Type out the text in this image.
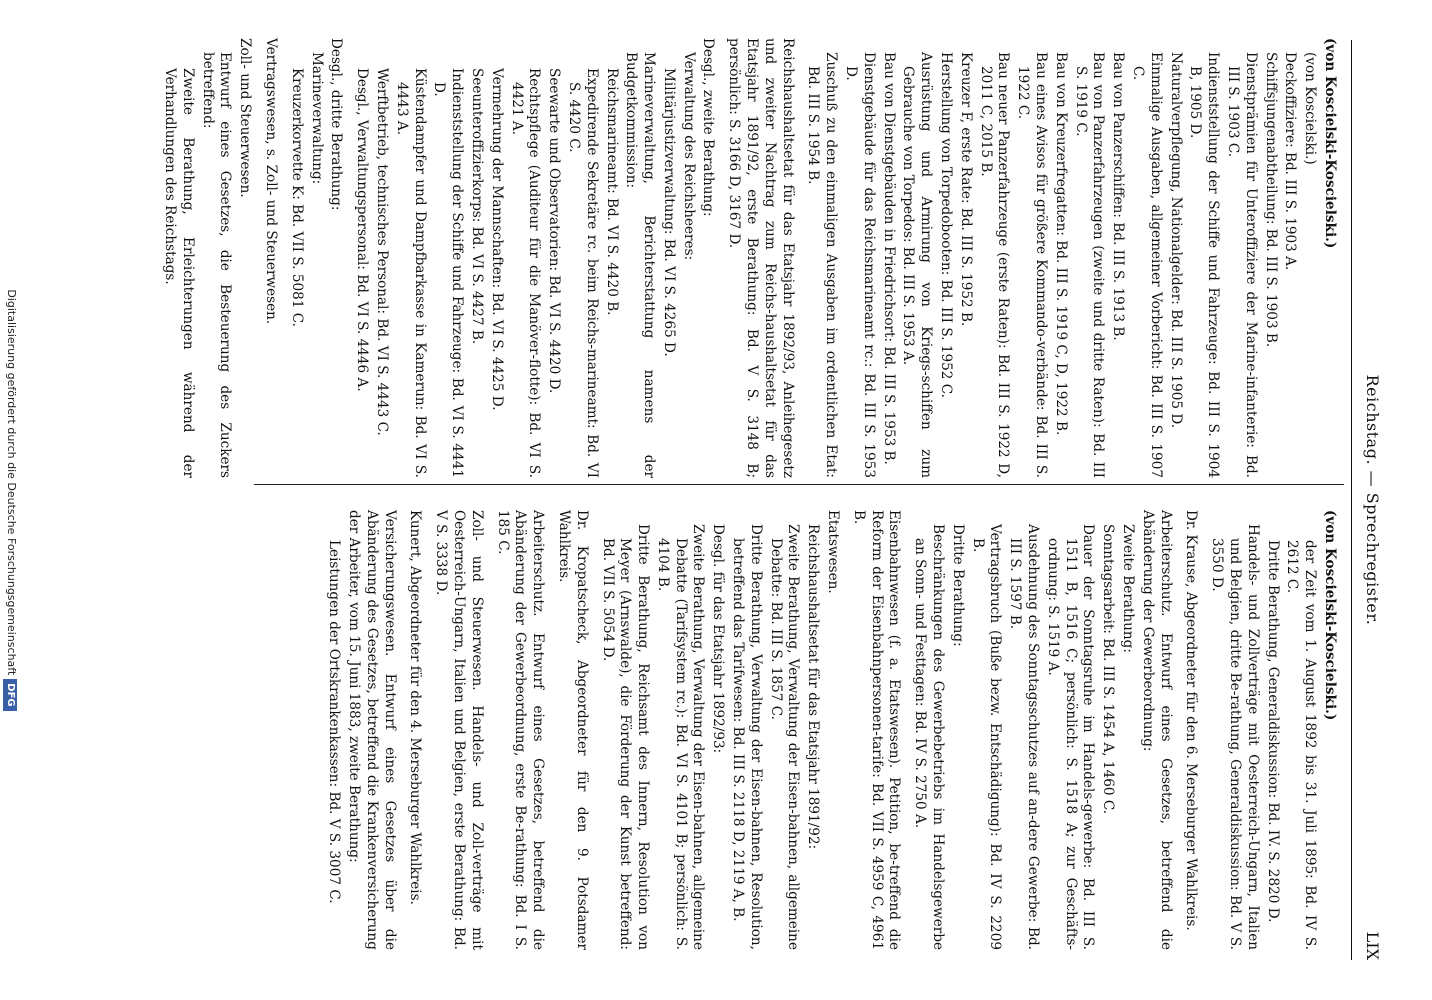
Reichstag. — Sprechregister.
LIX
(von Koscielski-Koscielski.)
(von Koscielski.)
Deckoffiziere: Bd. III S. 1903 A.
Schiffsjungenabtheilung: Bd. III S. 1903 B.
Dienstprämien für Unteroffiziere der Marine-infanterie: Bd. III S. 1903 C.
Indienststellung der Schiffe und Fahrzeuge: Bd. III S. 1904 B, 1905 D.
Naturalverpflegung, Nationalgelder: Bd. III S. 1905 D.
Einmalige Ausgaben, allgemeiner Vorbericht: Bd. III S. 1907 C.
Bau von Panzerschiffen: Bd. III S. 1913 B.
Bau von Panzerfahrzeugen (zweite und dritte Raten): Bd. III S. 1919 C.
Bau von Kreuzerfregatten: Bd. III S. 1919 C, D, 1922 B.
Bau eines Avisos für größere Kommando-verbände: Bd. III S. 1922 C.
Bau neuer Panzerfahrzeuge (erste Raten): Bd. III S. 1922 D, 2011 C, 2015 B.
Kreuzer F, erste Rate: Bd. III S. 1952 B.
Herstellung von Torpedobooten: Bd. III S. 1952 C.
Ausrüstung und Armirung von Kriegs-schiffen zum Gebrauche von Torpedos: Bd. III S. 1953 A.
Bau von Dienstgebäuden in Friedrichsort: Bd. III S. 1953 B.
Dienstgebäude für das Reichsmarineamt rc.: Bd. III S. 1953 D.
Zuschuß zu den einmaligen Ausgaben im ordentlichen Etat: Bd. III S. 1954 B.
Reichshaushaltsetat für das Etatsjahr 1892/93, Anleihegesetz und zweiter Nachtrag zum Reichs-haushaltsetat für das Etatsjahr 1891/92, erste Berathung: Bd. V S. 3148 B; persönlich: S. 3166 D, 3167 D.
Desgl., zweite Berathung:
Verwaltung des Reichsheeres:
Militärjustizverwaltung: Bd. VI S. 4265 D.
Marineverwaltung, Berichterstattung namens der Budgetkommission:
Reichsmarineamt: Bd. VI S. 4420 B.
Expedirende Sekretäre rc. beim Reichs-marineamt: Bd. VI S. 4420 C.
Seewarte und Observatorien: Bd. VI S. 4420 D.
Rechtspflege (Auditeur für die Manöver-flotte): Bd. VI S. 4421 A.
Vermehrung der Mannschaften: Bd. VI S. 4425 D.
Seeunteroffizierkorps: Bd. VI S. 4427 B.
Indienststellung der Schiffe und Fahrzeuge: Bd. VI S. 4441 D.
Küstendampfer und Dampfbarkasse in Kamerun: Bd. VI S. 4443 A.
Werftbetrieb, technisches Personal: Bd. VI S. 4443 C.
Desgl., Verwaltungspersonal: Bd. VI S. 4446 A.
Desgl., dritte Berathung:
Marineverwaltung:
Kreuzerkorvette K: Bd. VII S. 5081 C.
Vertragswesen, s. Zoll- und Steuerwesen.
Zoll- und Steuerwesen.
Entwurf eines Gesetzes, die Besteuerung des Zuckers betreffend:
Zweite Berathung, Erleichterungen während der Verhandlungen des Reichstags.
(von Koscielski-Koscielski.)
der Zeit vom 1. August 1892 bis 31. Juli 1895: Bd. IV S. 2612 C.
Dritte Berathung, Generaldiskussion: Bd. IV. S. 2820 D.
Handels- und Zollverträge mit Oesterreich-Ungarn, Italien und Belgien, dritte Be-rathung, Generaldiskussion: Bd. V S. 3550 D.
Dr. Krause, Abgeordneter für den 6. Merseburger Wahlkreis.
Arbeiterschutz. Entwurf eines Gesetzes, betreffend die Abänderung der Gewerbeordnung:
Zweite Berathung:
Sonntagsarbeit: Bd. III S. 1454 A, 1460 C.
Dauer der Sonntagsruhe im Handels-gewerbe: Bd. III S. 1511 B, 1516 C; persönlich: S. 1518 A; zur Geschäfts-ordnung: S. 1519 A.
Ausdehnung des Sonntagsschutzes auf an-dere Gewerbe: Bd. III S. 1597 B.
Vertragsbruch (Buße bezw. Entschädigung): Bd. IV S. 2209 B.
Dritte Berathung:
Beschränkungen des Gewerbebetriebs im Handelsgewerbe an Sonn- und Festtagen: Bd. IV S. 2750 A.
Eisenbahnwesen (f. a. Etatswesen). Petition, be-treffend die Reform der Eisenbahnpersonen-tarife: Bd. VII S. 4959 C, 4961 B.
Etatswesen.
Reichshaushaltsetat für das Etatsjahr 1891/92:
Zweite Berathung, Verwaltung der Eisen-bahnen, allgemeine Debatte: Bd. III S. 1857 C.
Dritte Berathung, Verwaltung der Eisen-bahnen, Resolution, betreffend das Tarifwesen: Bd. III S. 2118 D, 2119 A, B.
Desgl. für das Etatsjahr 1892/93:
Zweite Berathung, Verwaltung der Eisen-bahnen, allgemeine Debatte (Tarifsystem rc.): Bd. VI S. 4101 B; persönlich: S. 4104 B.
Dritte Berathung, Reichsamt des Innern, Resolution von Meyer (Arnswalde), die Förderung der Kunst betreffend: Bd. VII S. 5054 D.
Dr. Kropatscheck, Abgeordneter für den 9. Potsdamer Wahlkreis.
Arbeiterschutz. Entwurf eines Gesetzes, betreffend die Abänderung der Gewerbeordnung, erste Be-rathung: Bd. I S. 185 C.
Zoll- und Steuerwesen. Handels- und Zoll-verträge mit Oesterreich-Ungarn, Italien und Belgien, erste Berathung: Bd. V S. 3338 D.
Kunert, Abgeordneter für den 4. Merseburger Wahlkreis.
Versicherungswesen. Entwurf eines Gesetzes über die Abänderung des Gesetzes, betreffend die Krankenversicherung der Arbeiter, vom 15. Juni 1883, zweite Berathung:
Leistungen der Ortskrankenkassen: Bd. V S. 3007 C.
Digitalisierung gefördert durch die Deutsche ForschungsgemeinschaftDFG
